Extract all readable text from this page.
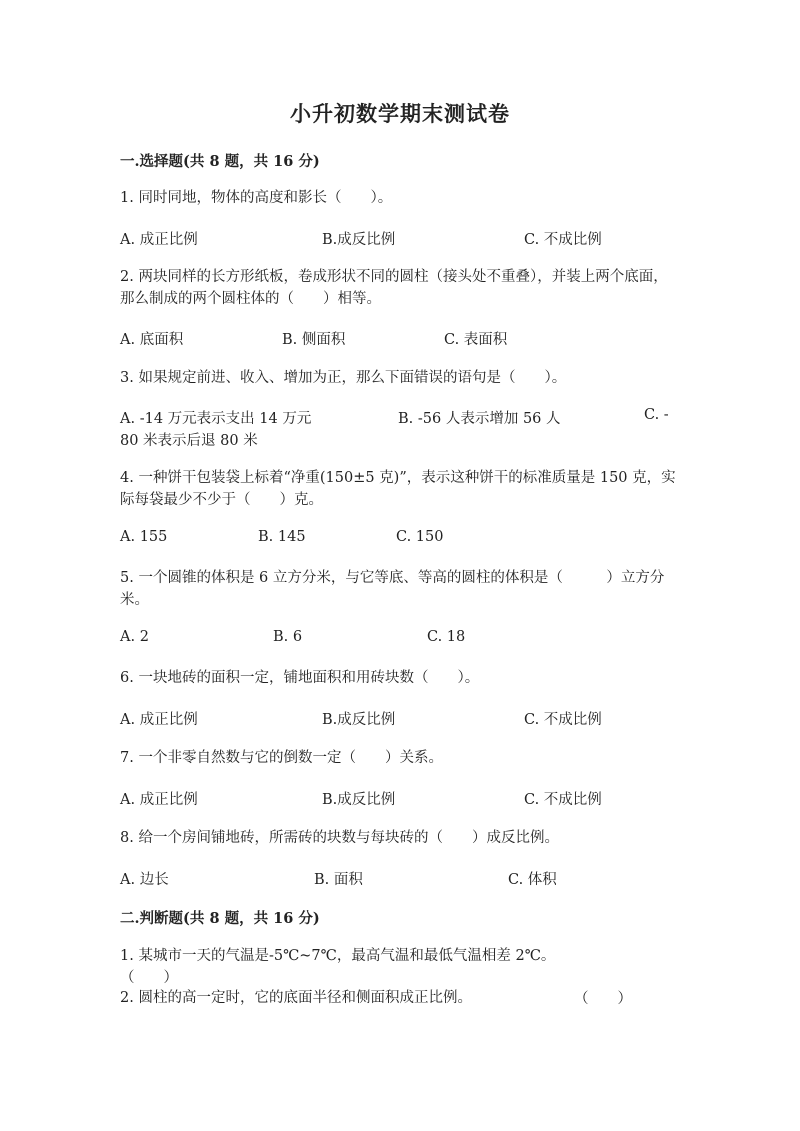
小升初数学期末测试卷
一.选择题(共 8 题，共 16 分)
1. 同时同地，物体的高度和影长（　　）。
A. 成正比例	B.成反比例	C. 不成比例
2. 两块同样的长方形纸板，卷成形状不同的圆柱（接头处不重叠），并装上两个底面，那么制成的两个圆柱体的（　　）相等。
A. 底面积	B. 侧面积	C. 表面积
3. 如果规定前进、收入、增加为正，那么下面错误的语句是（　　）。
A. -14 万元表示支出 14 万元	B. -56 人表示增加 56 人	C. -
80 米表示后退 80 米
4. 一种饼干包装袋上标着“净重(150±5 克)”，表示这种饼干的标准质量是 150 克，实际每袋最少不少于（　　）克。
A. 155	B. 145	C. 150
5. 一个圆锥的体积是 6 立方分米，与它等底、等高的圆柱的体积是（　　　）立方分米。
A. 2	B. 6	C. 18
6. 一块地砖的面积一定，铺地面积和用砖块数（　　）。
A. 成正比例	B.成反比例	C. 不成比例
7. 一个非零自然数与它的倒数一定（　　）关系。
A. 成正比例	B.成反比例	C. 不成比例
8. 给一个房间铺地砖，所需砖的块数与每块砖的（　　）成反比例。
A. 边长	B. 面积	C. 体积
二.判断题(共 8 题，共 16 分)
1. 某城市一天的气温是-5℃~7℃，最高气温和最低气温相差 2℃。
（　　）
2. 圆柱的高一定时，它的底面半径和侧面积成正比例。	（　　）
